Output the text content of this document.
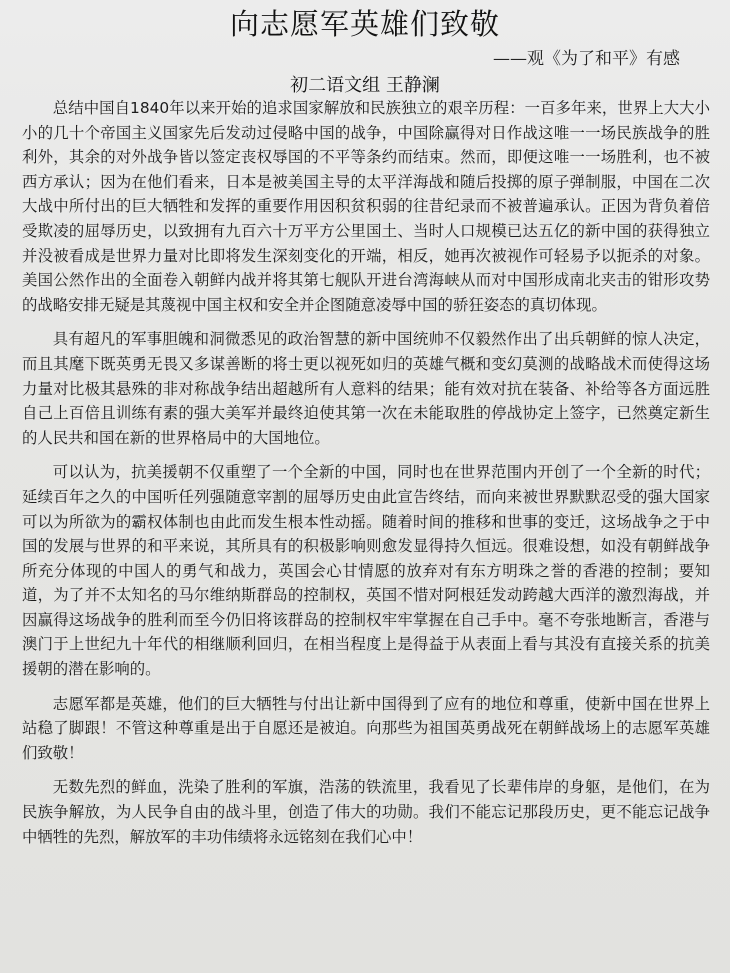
向志愿军英雄们致敬
——观《为了和平》有感
初二语文组 王静澜

总结中国自1840年以来开始的追求国家解放和民族独立的艰辛历程：一百多年来，世界上大大小小的几十个帝国主义国家先后发动过侵略中国的战争，中国除赢得对日作战这唯一一场民族战争的胜利外，其余的对外战争皆以签定丧权辱国的不平等条约而结束。然而，即便这唯一一场胜利，也不被西方承认；因为在他们看来，日本是被美国主导的太平洋海战和随后投掷的原子弹制服，中国在二次大战中所付出的巨大牺牲和发挥的重要作用因积贫积弱的往昔纪录而不被普遍承认。正因为背负着倍受欺凌的屈辱历史，以致拥有九百六十万平方公里国土、当时人口规模已达五亿的新中国的获得独立并没被看成是世界力量对比即将发生深刻变化的开端，相反，她再次被视作可轻易予以扼杀的对象。美国公然作出的全面卷入朝鲜内战并将其第七舰队开进台湾海峡从而对中国形成南北夹击的钳形攻势的战略安排无疑是其蔑视中国主权和安全并企图随意凌辱中国的骄狂姿态的真切体现。

具有超凡的军事胆魄和洞微悉见的政治智慧的新中国统帅不仅毅然作出了出兵朝鲜的惊人决定，而且其麾下既英勇无畏又多谋善断的将士更以视死如归的英雄气概和变幻莫测的战略战术而使得这场力量对比极其悬殊的非对称战争结出超越所有人意料的结果；能有效对抗在装备、补给等各方面远胜自己上百倍且训练有素的强大美军并最终迫使其第一次在未能取胜的停战协定上签字，已然奠定新生的人民共和国在新的世界格局中的大国地位。

可以认为，抗美援朝不仅重塑了一个全新的中国，同时也在世界范围内开创了一个全新的时代；延续百年之久的中国听任列强随意宰割的屈辱历史由此宣告终结，而向来被世界默默忍受的强大国家可以为所欲为的霸权体制也由此而发生根本性动摇。随着时间的推移和世事的变迁，这场战争之于中国的发展与世界的和平来说，其所具有的积极影响则愈发显得持久恒远。很难设想，如没有朝鲜战争所充分体现的中国人的勇气和战力，英国会心甘情愿的放弃对有东方明珠之誉的香港的控制；要知道，为了并不太知名的马尔维纳斯群岛的控制权，英国不惜对阿根廷发动跨越大西洋的激烈海战，并因赢得这场战争的胜利而至今仍旧将该群岛的控制权牢牢掌握在自己手中。毫不夸张地断言，香港与澳门于上世纪九十年代的相继顺利回归，在相当程度上是得益于从表面上看与其没有直接关系的抗美援朝的潜在影响的。

志愿军都是英雄，他们的巨大牺牲与付出让新中国得到了应有的地位和尊重，使新中国在世界上站稳了脚跟！不管这种尊重是出于自愿还是被迫。向那些为祖国英勇战死在朝鲜战场上的志愿军英雄们致敬！

无数先烈的鲜血，洗染了胜利的军旗，浩荡的铁流里，我看见了长辈伟岸的身躯，是他们，在为民族争解放，为人民争自由的战斗里，创造了伟大的功勋。我们不能忘记那段历史，更不能忘记战争中牺牲的先烈，解放军的丰功伟绩将永远铭刻在我们心中！
